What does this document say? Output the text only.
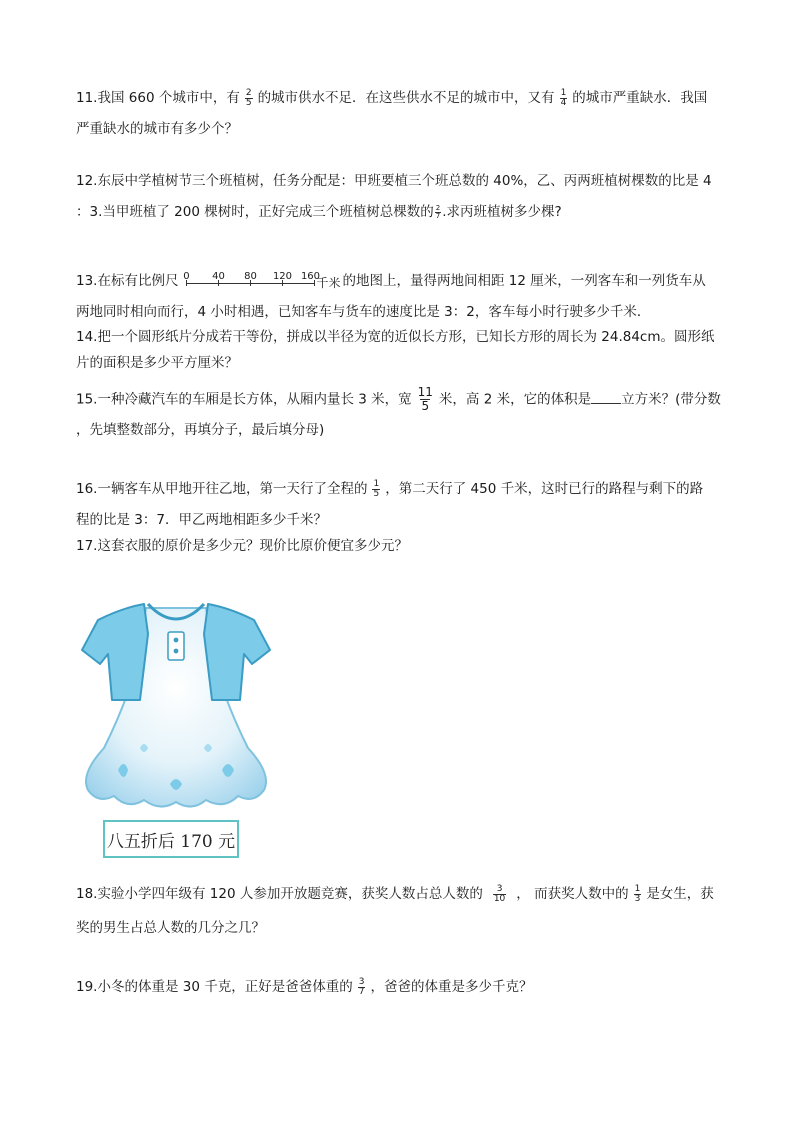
11.我国 660 个城市中，有 $\frac{2}{5}$ 的城市供水不足．在这些供水不足的城市中，又有 $\frac{1}{4}$ 的城市严重缺水．我国
严重缺水的城市有多少个？
12.东辰中学植树节三个班植树，任务分配是：甲班要植三个班总数的 40%，乙、丙两班植树棵数的比是 4
：3.当甲班植了 200 棵树时，正好完成三个班植树总棵数的 $\frac{2}{7}$ .求丙班植树多少棵?
13.在标有比例尺 0 40 80 120 160
千米 的地图上，量得两地间相距 12 厘米，一列客车和一列货车从
两地同时相向而行，4 小时相遇，已知客车与货车的速度比是 3：2，客车每小时行驶多少千米．
14.把一个圆形纸片分成若干等份，拼成以半径为宽的近似长方形，已知长方形的周长为 24.84cm。圆形纸
片的面积是多少平方厘米？
15.一种冷藏汽车的车厢是长方体，从厢内量长 3 米，宽 $\frac{11}{5}$ 米，高 2 米，它的体积是 立方米？(带分数
，先填整数部分，再填分子，最后填分母)
16.一辆客车从甲地开往乙地，第一天行了全程的 $\frac{1}{5}$ ，第二天行了 450 千米，这时已行的路程与剩下的路
程的比是 3：7．甲乙两地相距多少千米？
17.这套衣服的原价是多少元？现价比原价便宜多少元？
八五折后 170 元
18.实验小学四年级有 120 人参加开放题竞赛，获奖人数占总人数的 $\frac{3}{10}$ ， 而获奖人数中的 $\frac{1}{3}$ 是女生，获
奖的男生占总人数的几分之几？
19.小冬的体重是 30 千克，正好是爸爸体重的 $\frac{3}{7}$ ，爸爸的体重是多少千克？
